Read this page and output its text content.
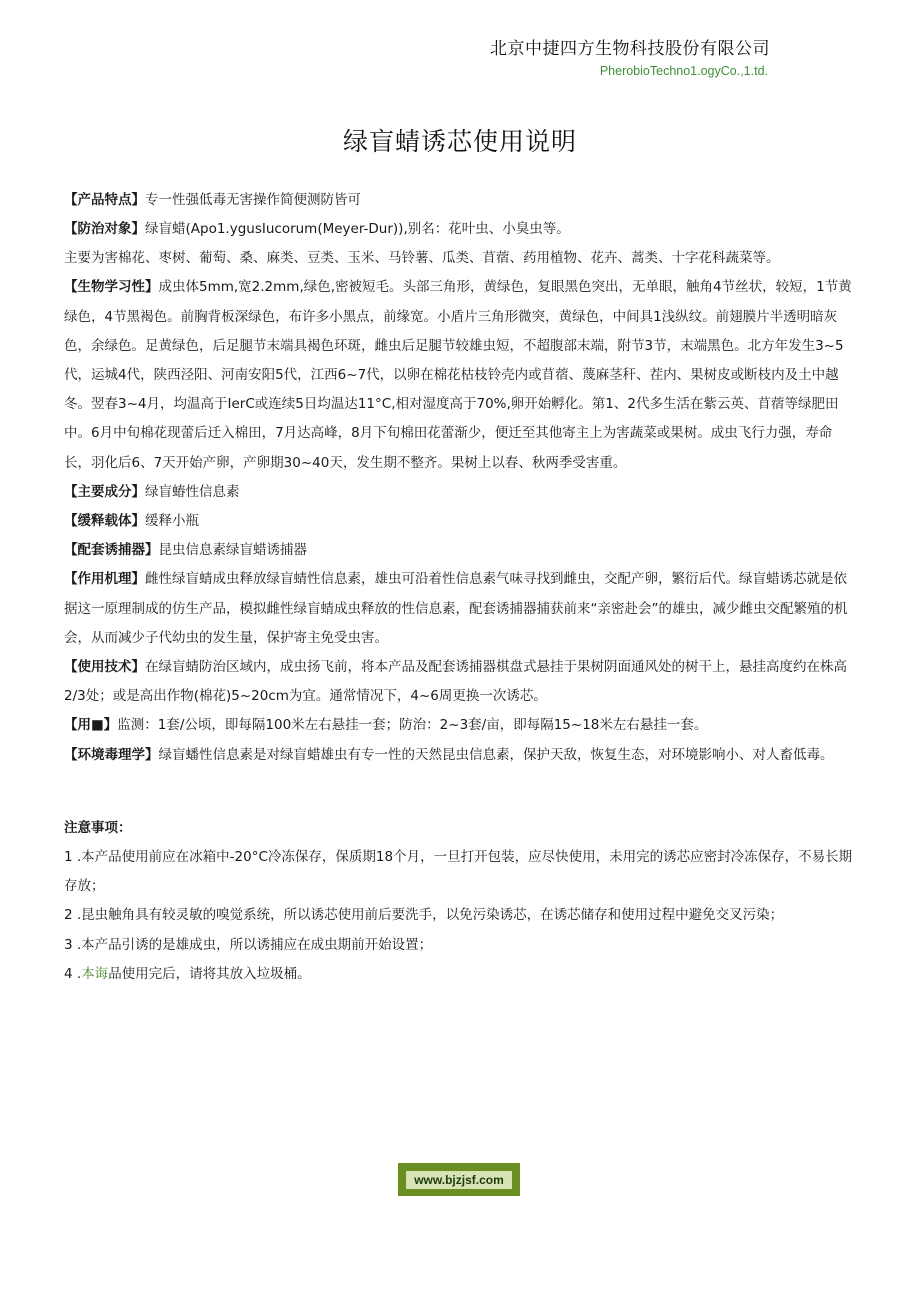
北京中捷四方生物科技股份有限公司
PherobioTechno1.ogyCo.,1.td.
绿盲蜻诱芯使用说明

【产品特点】专一性强低毒无害操作简便测防皆可

【防治对象】绿盲蜡(Apo1.ygusIucorum(Meyer-Dur)),别名：花叶虫、小臭虫等。

主要为害棉花、枣树、葡萄、桑、麻类、豆类、玉米、马铃薯、瓜类、苜蓿、药用植物、花卉、蒿类、十字花科蔬菜等。

【生物学习性】成虫体5mm,宽2.2mm,绿色,密被短毛。头部三角形，黄绿色，复眼黑色突出，无单眼，触角4节丝状，较短，1节黄绿色，4节黑褐色。前胸背板深绿色，布许多小黑点，前缘宽。小盾片三角形微突，黄绿色，中间具1浅纵纹。前翅膜片半透明暗灰色，余绿色。足黄绿色，后足腿节末端具褐色环斑，雌虫后足腿节较雄虫短，不超腹部末端，附节3节，末端黑色。北方年发生3~5代，运城4代，陕西泾阳、河南安阳5代，江西6~7代，以卵在棉花枯枝铃壳内或苜蓿、蔑麻茎秆、茬内、果树皮或断枝内及土中越冬。翌春3~4月，均温高于IerC或连续5日均温达11°C,相对湿度高于70%,卵开始孵化。第1、2代多生活在紫云英、苜蓿等绿肥田中。6月中旬棉花现蕾后迁入棉田，7月达高峰，8月下旬棉田花蕾渐少，便迁至其他寄主上为害蔬菜或果树。成虫飞行力强，寿命长，羽化后6、7天开始产卵，产卵期30~40天，发生期不整齐。果树上以春、秋两季受害重。

【主要成分】绿盲蝽性信息素

【缓释载体】缓释小瓶

【配套诱捕器】昆虫信息素绿盲蜡诱捕器

【作用机理】雌性绿盲蜻成虫释放绿盲蜻性信息素，雄虫可沿着性信息素气味寻找到雌虫，交配产卵，繁衍后代。绿盲蜡诱芯就是依据这一原理制成的仿生产品，模拟雌性绿盲蜻成虫释放的性信息素，配套诱捕器捕获前来“亲密赴会”的雄虫，减少雌虫交配繁殖的机会，从而减少子代幼虫的发生量，保护寄主免受虫害。

【使用技术】在绿盲蜻防治区域内，成虫扬飞前，将本产品及配套诱捕器棋盘式悬挂于果树阴面通风处的树干上，悬挂高度约在株高2/3处；或是高出作物(棉花)5~20cm为宜。通常情况下，4~6周更换一次诱芯。

【用■】监测：1套/公顷，即每隔100米左右悬挂一套；防治：2~3套/亩，即每隔15~18米左右悬挂一套。

【环境毒理学】绿盲蟠性信息素是对绿盲蜡雄虫有专一性的天然昆虫信息素，保护天敌，恢复生态，对环境影响小、对人畜低毒。

注意事项：

1 .本产品使用前应在冰箱中-20°C冷冻保存，保质期18个月，一旦打开包装，应尽快使用，未用完的诱芯应密封冷冻保存，不易长期存放；

2 .昆虫触角具有较灵敏的嗅觉系统，所以诱芯使用前后要洗手，以免污染诱芯，在诱芯储存和使用过程中避免交叉污染；

3 .本产品引诱的是雄成虫，所以诱捕应在成虫期前开始设置；

4 .本诲品使用完后，请将其放入垃圾桶。

www.bjzjsf.com
